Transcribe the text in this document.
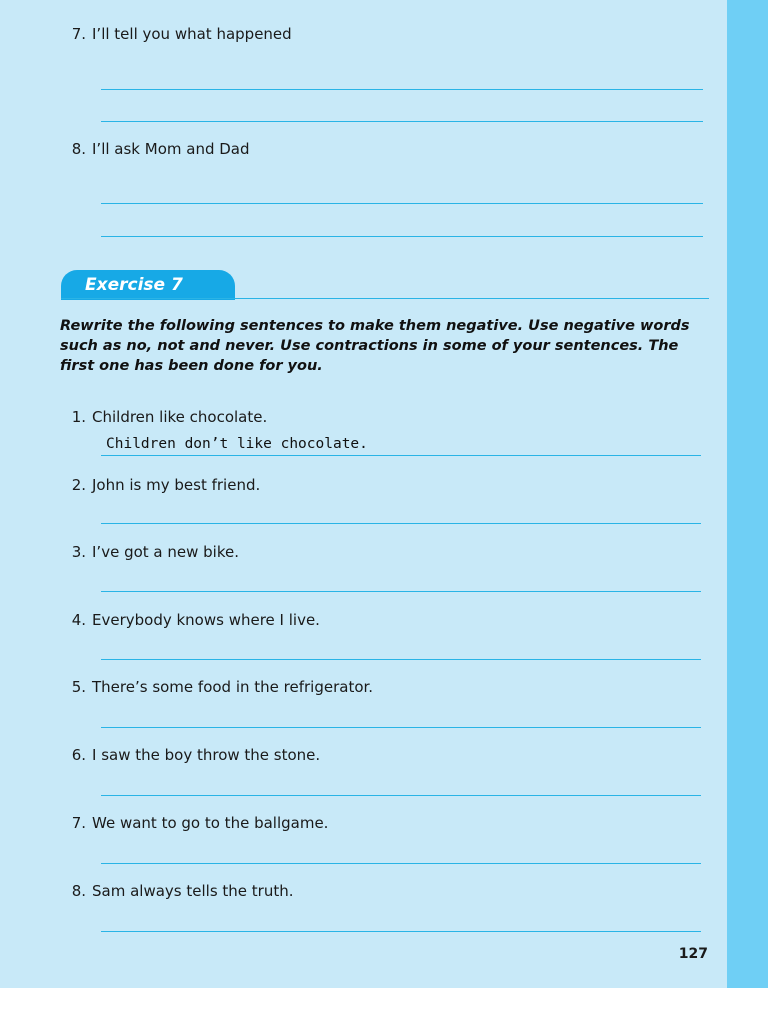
7. I’ll tell you what happened
8. I’ll ask Mom and Dad
Exercise 7
Rewrite the following sentences to make them negative. Use negative words such as no, not and never. Use contractions in some of your sentences. The first one has been done for you.
1. Children like chocolate.
Children don’t like chocolate.
2. John is my best friend.
3. I’ve got a new bike.
4. Everybody knows where I live.
5. There’s some food in the refrigerator.
6. I saw the boy throw the stone.
7. We want to go to the ballgame.
8. Sam always tells the truth.
127
